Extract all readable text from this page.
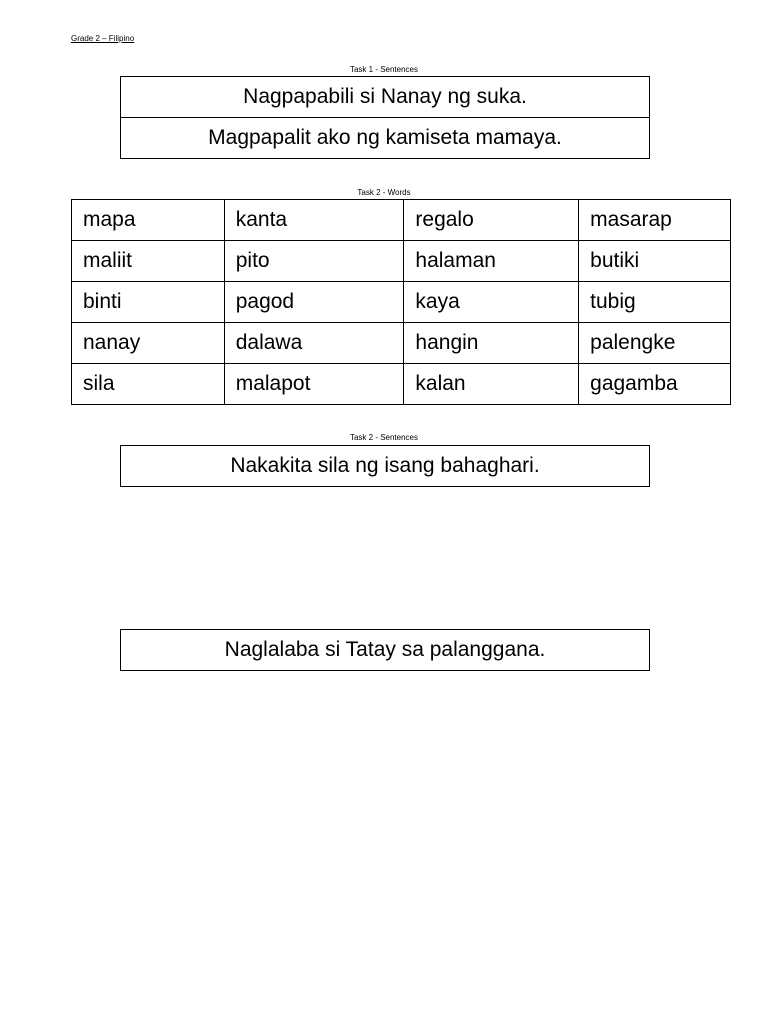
Grade 2 – Filipino
Task 1 - Sentences
Nagpapabili si Nanay ng suka.
Magpapalit ako ng kamiseta mamaya.
Task 2 - Words
mapa	kanta	regalo	masarap
maliit	pito	halaman	butiki
binti	pagod	kaya	tubig
nanay	dalawa	hangin	palengke
sila	malapot	kalan	gagamba
Task 2 - Sentences
Nakakita sila ng isang bahaghari.
Naglalaba si Tatay sa palanggana.
